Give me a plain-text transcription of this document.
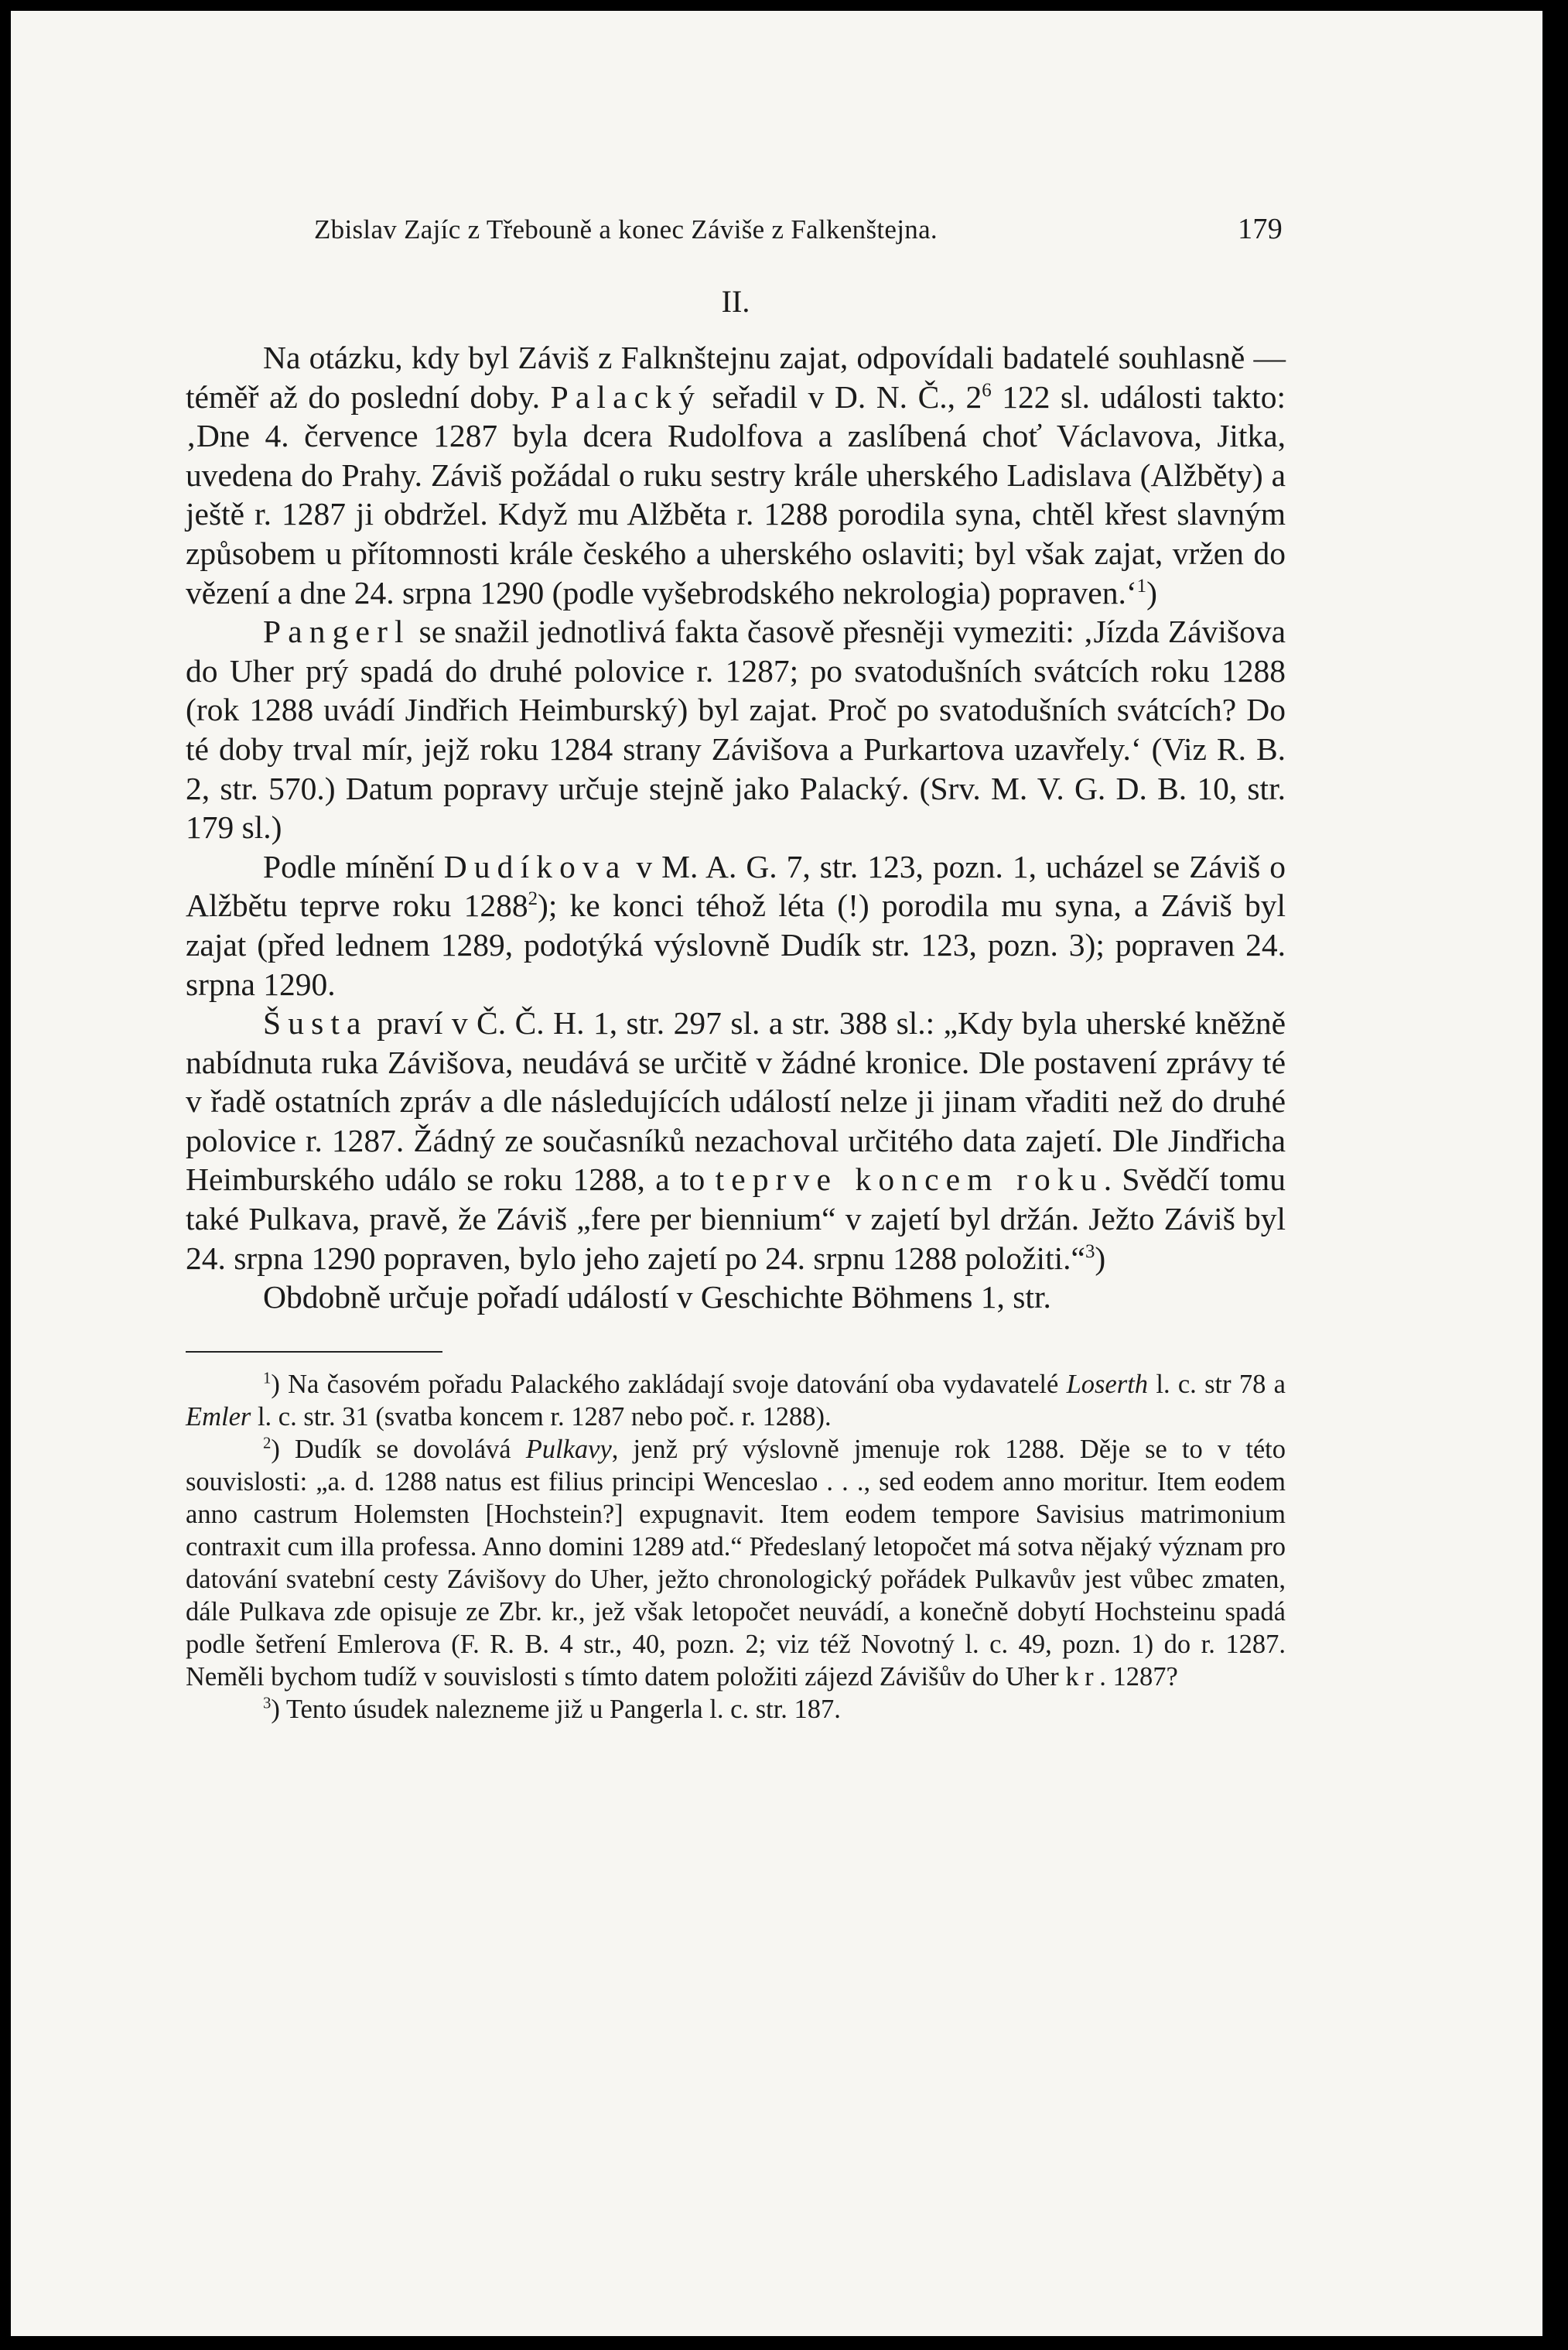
Zbislav Zajíc z Třebouně a konec Záviše z Falkenštejna.	179
II.

Na otázku, kdy byl Záviš z Falknštejnu zajat, odpovídali badatelé souhlasně — téměř až do poslední doby. Palacký seřadil v D. N. Č., $2^6$ 122 sl. události takto: ‚Dne 4. července 1287 byla dcera Rudolfova a zaslíbená choť Václavova, Jitka, uvedena do Prahy. Záviš požádal o ruku sestry krále uherského Ladislava (Alžběty) a ještě r. 1287 ji obdržel. Když mu Alžběta r. 1288 porodila syna, chtěl křest slavným způsobem u přítomnosti krále českého a uherského oslaviti; byl však zajat, vržen do vězení a dne 24. srpna 1290 (podle vyšebrodského nekrologia) popraven.‘$^1$)

Pangerl se snažil jednotlivá fakta časově přesněji vymeziti: ‚Jízda Závišova do Uher prý spadá do druhé polovice r. 1287; po svatodušních svátcích roku 1288 (rok 1288 uvádí Jindřich Heimburský) byl zajat. Proč po svatodušních svátcích? Do té doby trval mír, jejž roku 1284 strany Závišova a Purkartova uzavřely.‘ (Viz R. B. 2, str. 570.) Datum popravy určuje stejně jako Palacký. (Srv. M. V. G. D. B. 10, str. 179 sl.)

Podle mínění Dudíkova v M. A. G. 7, str. 123, pozn. 1, ucházel se Záviš o Alžbětu teprve roku 1288$^2$); ke konci téhož léta (!) porodila mu syna, a Záviš byl zajat (před lednem 1289, podotýká výslovně Dudík str. 123, pozn. 3); popraven 24. srpna 1290.

Šusta praví v Č. Č. H. 1, str. 297 sl. a str. 388 sl.: „Kdy byla uherské kněžně nabídnuta ruka Závišova, neudává se určitě v žádné kronice. Dle postavení zprávy té v řadě ostatních zpráv a dle následujících událostí nelze ji jinam vřaditi než do druhé polovice r. 1287. Žádný ze současníků nezachoval určitého data zajetí. Dle Jindřicha Heimburského událo se roku 1288, a to teprve koncem roku. Svědčí tomu také Pulkava, pravě, že Záviš „fere per biennium“ v zajetí byl držán. Ježto Záviš byl 24. srpna 1290 popraven, bylo jeho zajetí po 24. srpnu 1288 položiti.“$^3$)

Obdobně určuje pořadí událostí v Geschichte Böhmens 1, str.

$^1$) Na časovém pořadu Palackého zakládají svoje datování oba vydavatelé Loserth l. c. str 78 a Emler l. c. str. 31 (svatba koncem r. 1287 nebo poč. r. 1288).

$^2$) Dudík se dovolává Pulkavy, jenž prý výslovně jmenuje rok 1288. Děje se to v této souvislosti: „a. d. 1288 natus est filius principi Wenceslao . . ., sed eodem anno moritur. Item eodem anno castrum Holemsten [Hochstein?] expugnavit. Item eodem tempore Savisius matrimonium contraxit cum illa professa. Anno domini 1289 atd.“ Předeslaný letopočet má sotva nějaký význam pro datování svatební cesty Závišovy do Uher, ježto chronologický pořádek Pulkavův jest vůbec zmaten, dále Pulkava zde opisuje ze Zbr. kr., jež však letopočet neuvádí, a konečně dobytí Hochsteinu spadá podle šetření Emlerova (F. R. B. 4 str., 40, pozn. 2; viz též Novotný l. c. 49, pozn. 1) do r. 1287. Neměli bychom tudíž v souvislosti s tímto datem položiti zájezd Závišův do Uher kr. 1287?

$^3$) Tento úsudek nalezneme již u Pangerla l. c. str. 187.
